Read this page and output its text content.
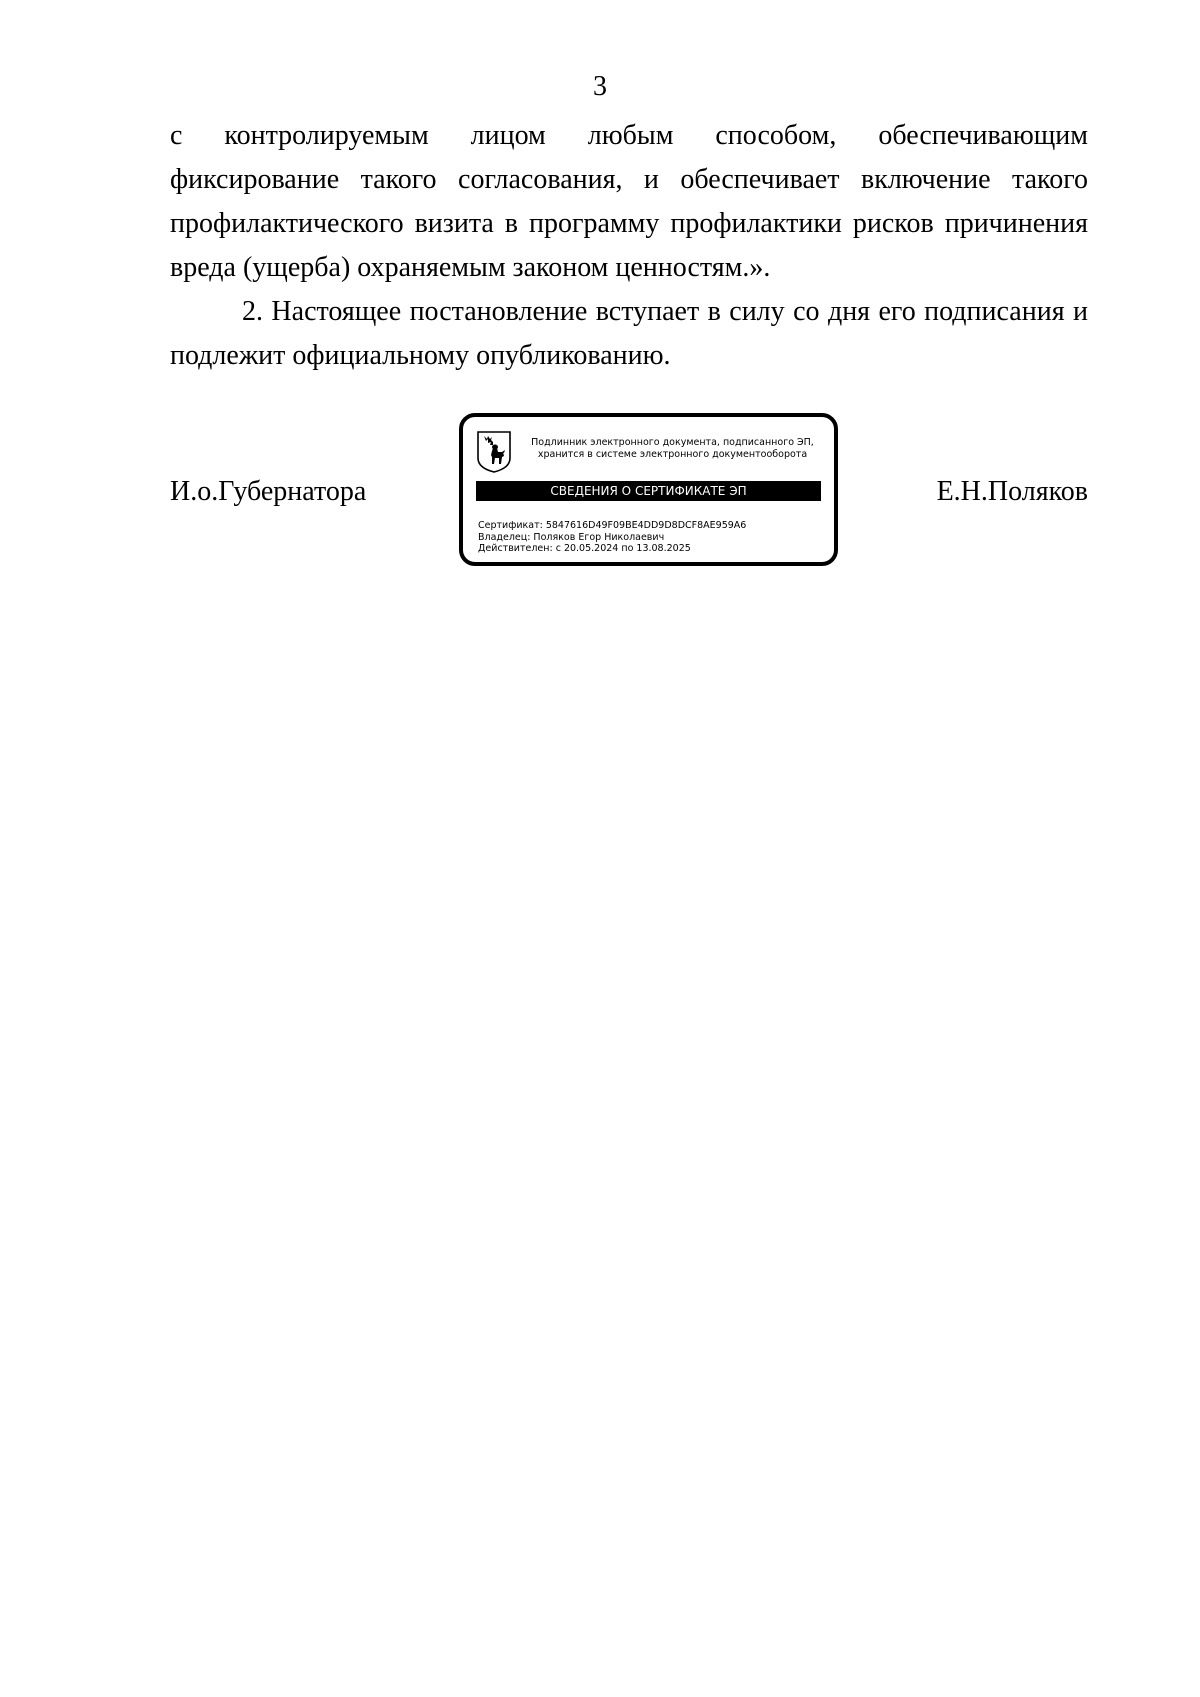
3

с контролируемым лицом любым способом, обеспечивающим фиксирование такого согласования, и обеспечивает включение такого профилактического визита в программу профилактики рисков причинения вреда (ущерба) охраняемым законом ценностям.».

2. Настоящее постановление вступает в силу со дня его подписания и подлежит официальному опубликованию.

И.о.Губернатора
Подлинник электронного документа, подписанного ЭП,
хранится в системе электронного документооборота
СВЕДЕНИЯ О СЕРТИФИКАТЕ ЭП
Сертификат: 5847616D49F09BE4DD9D8DCF8AE959A6
Владелец: Поляков Егор Николаевич
Действителен: с 20.05.2024 по 13.08.2025
Е.Н.Поляков
